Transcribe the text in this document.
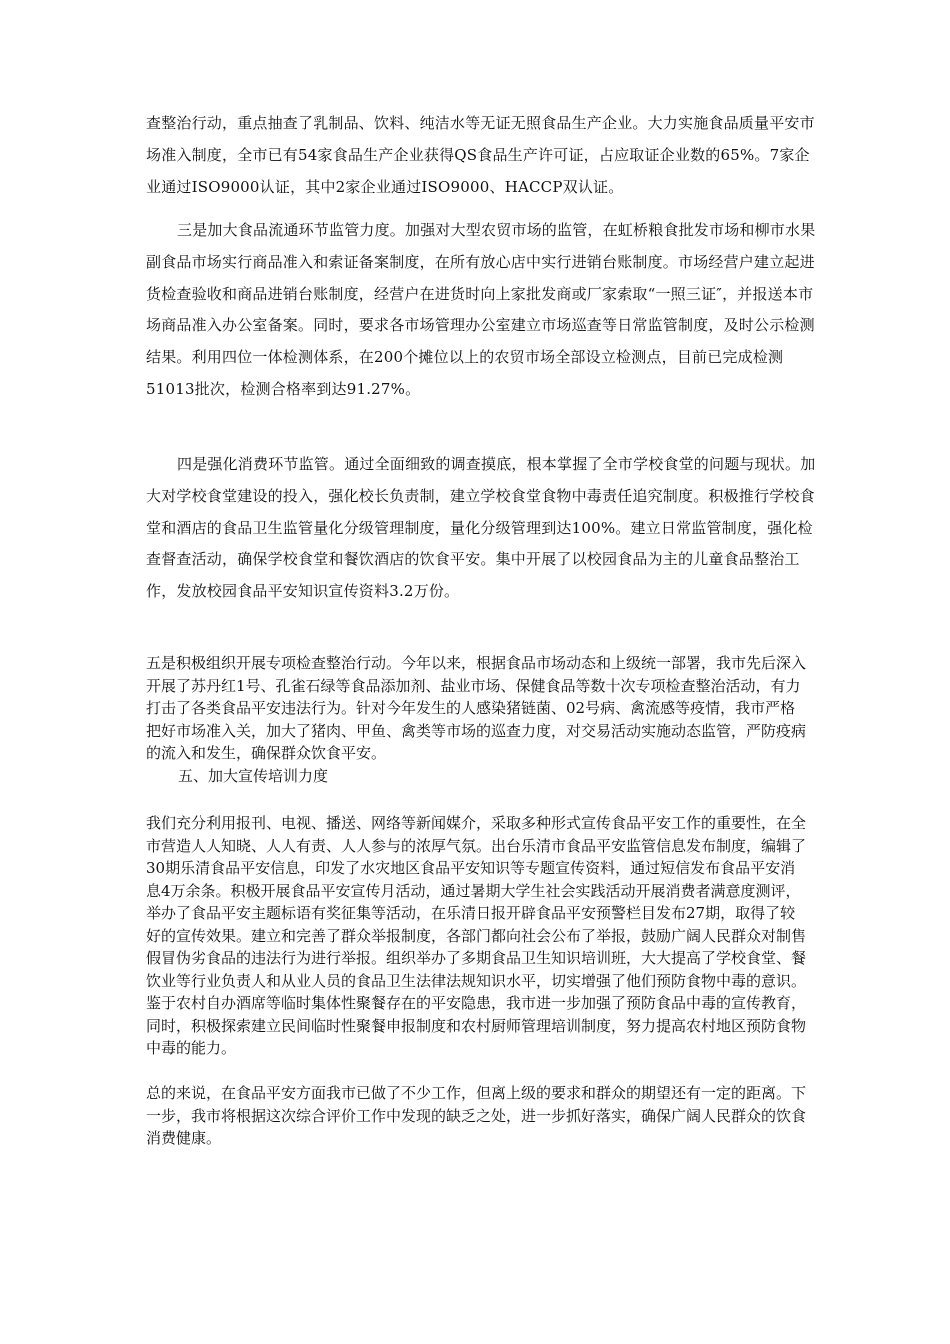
查整治行动，重点抽查了乳制品、饮料、纯洁水等无证无照食品生产企业。大力实施食品质量平安市场准入制度，全市已有54家食品生产企业获得QS食品生产许可证，占应取证企业数的65%。7家企业通过ISO9000认证，其中2家企业通过ISO9000、HACCP双认证。

三是加大食品流通环节监管力度。加强对大型农贸市场的监管，在虹桥粮食批发市场和柳市水果副食品市场实行商品准入和索证备案制度，在所有放心店中实行进销台账制度。市场经营户建立起进货检查验收和商品进销台账制度，经营户在进货时向上家批发商或厂家索取“一照三证″，并报送本市场商品准入办公室备案。同时，要求各市场管理办公室建立市场巡查等日常监管制度，及时公示检测结果。利用四位一体检测体系，在200个摊位以上的农贸市场全部设立检测点，目前已完成检测51013批次，检测合格率到达91.27%。

四是强化消费环节监管。通过全面细致的调查摸底，根本掌握了全市学校食堂的问题与现状。加大对学校食堂建设的投入，强化校长负责制，建立学校食堂食物中毒责任追究制度。积极推行学校食堂和酒店的食品卫生监管量化分级管理制度，量化分级管理到达100%。建立日常监管制度，强化检查督查活动，确保学校食堂和餐饮酒店的饮食平安。集中开展了以校园食品为主的儿童食品整治工作，发放校园食品平安知识宣传资料3.2万份。

五是积极组织开展专项检查整治行动。今年以来，根据食品市场动态和上级统一部署，我市先后深入开展了苏丹红1号、孔雀石绿等食品添加剂、盐业市场、保健食品等数十次专项检查整治活动，有力打击了各类食品平安违法行为。针对今年发生的人感染猪链菌、02号病、禽流感等疫情，我市严格把好市场准入关，加大了猪肉、甲鱼、禽类等市场的巡查力度，对交易活动实施动态监管，严防疫病的流入和发生，确保群众饮食平安。

五、加大宣传培训力度

我们充分利用报刊、电视、播送、网络等新闻媒介，采取多种形式宣传食品平安工作的重要性，在全市营造人人知晓、人人有责、人人参与的浓厚气氛。出台乐清市食品平安监管信息发布制度，编辑了30期乐清食品平安信息，印发了水灾地区食品平安知识等专题宣传资料，通过短信发布食品平安消息4万余条。积极开展食品平安宣传月活动，通过暑期大学生社会实践活动开展消费者满意度测评，举办了食品平安主题标语有奖征集等活动，在乐清日报开辟食品平安预警栏目发布27期，取得了较好的宣传效果。建立和完善了群众举报制度，各部门都向社会公布了举报，鼓励广阔人民群众对制售假冒伪劣食品的违法行为进行举报。组织举办了多期食品卫生知识培训班，大大提高了学校食堂、餐饮业等行业负责人和从业人员的食品卫生法律法规知识水平，切实增强了他们预防食物中毒的意识。鉴于农村自办酒席等临时集体性聚餐存在的平安隐患，我市进一步加强了预防食品中毒的宣传教育，同时，积极探索建立民间临时性聚餐申报制度和农村厨师管理培训制度，努力提高农村地区预防食物中毒的能力。

总的来说，在食品平安方面我市已做了不少工作，但离上级的要求和群众的期望还有一定的距离。下一步，我市将根据这次综合评价工作中发现的缺乏之处，进一步抓好落实，确保广阔人民群众的饮食消费健康。
